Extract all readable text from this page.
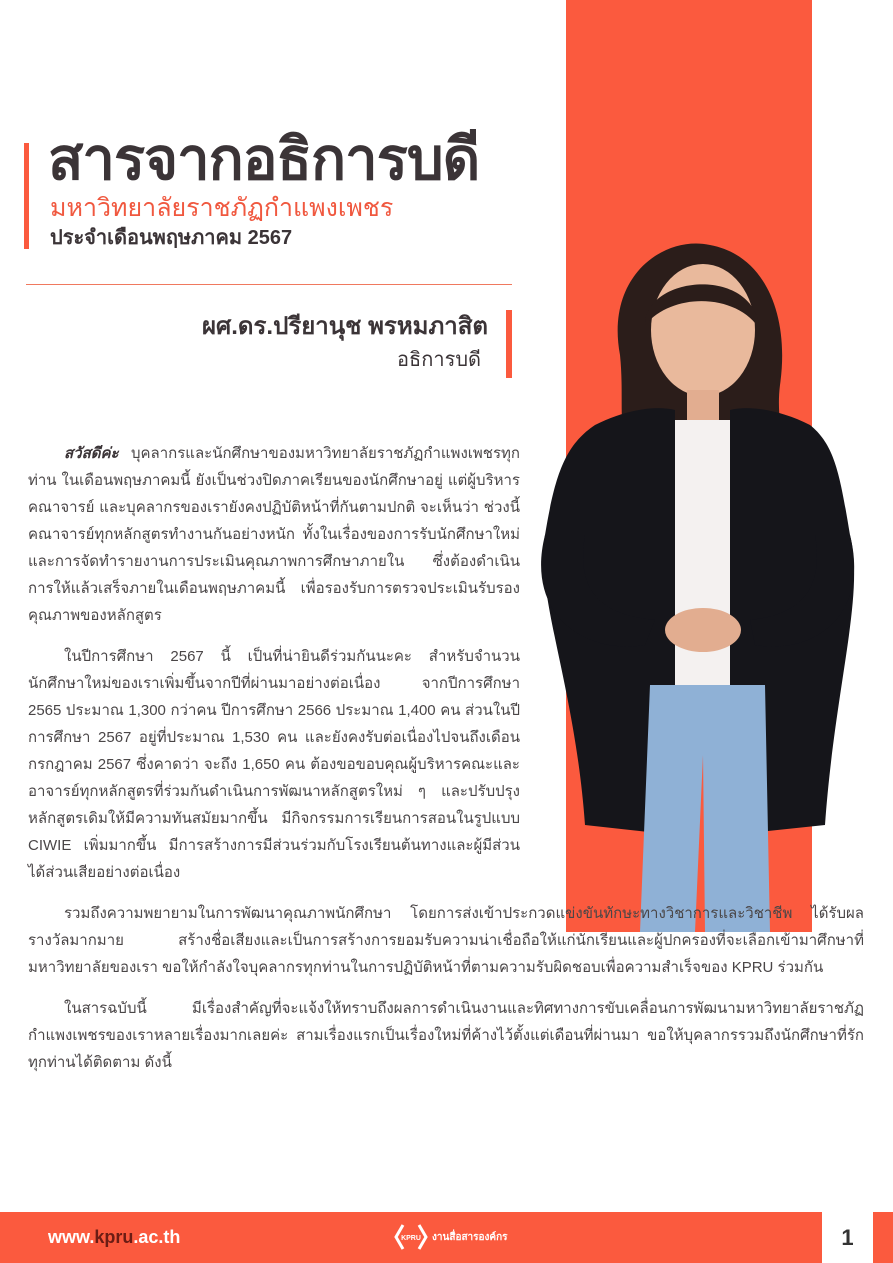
สารจากอธิการบดี
มหาวิทยาลัยราชภัฏกำแพงเพชร
ประจำเดือนพฤษภาคม 2567
ผศ.ดร.ปรียานุช พรหมภาสิต
อธิการบดี
สวัสดีค่ะ บุคลากรและนักศึกษาของมหาวิทยาลัยราชภัฏกำแพงเพชรทุกท่าน ในเดือนพฤษภาคมนี้ ยังเป็นช่วงปิดภาคเรียนของนักศึกษาอยู่ แต่ผู้บริหาร คณาจารย์ และบุคลากรของเรายังคงปฏิบัติหน้าที่กันตามปกติ จะเห็นว่า ช่วงนี้คณาจารย์ทุกหลักสูตรทำงานกันอย่างหนัก ทั้งในเรื่องของการรับนักศึกษาใหม่และการจัดทำรายงานการประเมินคุณภาพการศึกษาภายใน ซึ่งต้องดำเนินการให้แล้วเสร็จภายในเดือนพฤษภาคมนี้ เพื่อรองรับการตรวจประเมินรับรองคุณภาพของหลักสูตร
ในปีการศึกษา 2567 นี้ เป็นที่น่ายินดีร่วมกันนะคะ สำหรับจำนวนนักศึกษาใหม่ของเราเพิ่มขึ้นจากปีที่ผ่านมาอย่างต่อเนื่อง จากปีการศึกษา 2565 ประมาณ 1,300 กว่าคน ปีการศึกษา 2566 ประมาณ 1,400 คน ส่วนในปีการศึกษา 2567 อยู่ที่ประมาณ 1,530 คน และยังคงรับต่อเนื่องไปจนถึงเดือนกรกฎาคม 2567 ซึ่งคาดว่า จะถึง 1,650 คน ต้องขอขอบคุณผู้บริหารคณะและอาจารย์ทุกหลักสูตรที่ร่วมกันดำเนินการพัฒนาหลักสูตรใหม่ ๆ และปรับปรุงหลักสูตรเดิมให้มีความทันสมัยมากขึ้น มีกิจกรรมการเรียนการสอนในรูปแบบ CIWIE เพิ่มมากขึ้น มีการสร้างการมีส่วนร่วมกับโรงเรียนต้นทางและผู้มีส่วนได้ส่วนเสียอย่างต่อเนื่อง
รวมถึงความพยายามในการพัฒนาคุณภาพนักศึกษา โดยการส่งเข้าประกวดแข่งขันทักษะทางวิชาการและวิชาชีพ ได้รับผลรางวัลมากมาย สร้างชื่อเสียงและเป็นการสร้างการยอมรับความน่าเชื่อถือให้แก่นักเรียนและผู้ปกครองที่จะเลือกเข้ามาศึกษาที่มหาวิทยาลัยของเรา ขอให้กำลังใจบุคลากรทุกท่านในการปฏิบัติหน้าที่ตามความรับผิดชอบเพื่อความสำเร็จของ KPRU ร่วมกัน
ในสารฉบับนี้ มีเรื่องสำคัญที่จะแจ้งให้ทราบถึงผลการดำเนินงานและทิศทางการขับเคลื่อนการพัฒนามหาวิทยาลัยราชภัฏกำแพงเพชรของเราหลายเรื่องมากเลยค่ะ สามเรื่องแรกเป็นเรื่องใหม่ที่ค้างไว้ตั้งแต่เดือนที่ผ่านมา ขอให้บุคลากรรวมถึงนักศึกษาที่รักทุกท่านได้ติดตาม ดังนี้
www.kpru.ac.th	KPRU งานสื่อสารองค์กร	1
